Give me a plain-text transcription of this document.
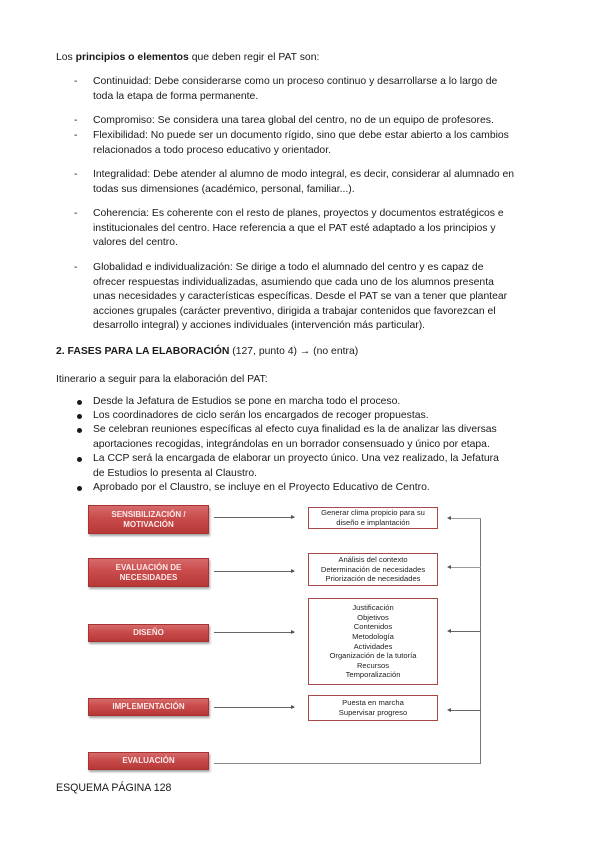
Los principios o elementos que deben regir el PAT son:
- Continuidad: Debe considerarse como un proceso continuo y desarrollarse a lo largo de
toda la etapa de forma permanente.
- Compromiso: Se considera una tarea global del centro, no de un equipo de profesores.
- Flexibilidad: No puede ser un documento rígido, sino que debe estar abierto a los cambios
relacionados a todo proceso educativo y orientador.
- Integralidad: Debe atender al alumno de modo integral, es decir, considerar al alumnado en
todas sus dimensiones (académico, personal, familiar...).
- Coherencia: Es coherente con el resto de planes, proyectos y documentos estratégicos e
institucionales del centro. Hace referencia a que el PAT esté adaptado a los principios y
valores del centro.
- Globalidad e individualización: Se dirige a todo el alumnado del centro y es capaz de
ofrecer respuestas individualizadas, asumiendo que cada uno de los alumnos presenta
unas necesidades y características específicas. Desde el PAT se van a tener que plantear
acciones grupales (carácter preventivo, dirigida a trabajar contenidos que favorezcan el
desarrollo integral) y acciones individuales (intervención más particular).
2. FASES PARA LA ELABORACIÓN (127, punto 4) → (no entra)
Itinerario a seguir para la elaboración del PAT:
Desde la Jefatura de Estudios se pone en marcha todo el proceso.
Los coordinadores de ciclo serán los encargados de recoger propuestas.
Se celebran reuniones específicas al efecto cuya finalidad es la de analizar las diversas
aportaciones recogidas, integrándolas en un borrador consensuado y único por etapa.
La CCP será la encargada de elaborar un proyecto único. Una vez realizado, la Jefatura
de Estudios lo presenta al Claustro.
Aprobado por el Claustro, se incluye en el Proyecto Educativo de Centro.
SENSIBILIZACIÓN /
MOTIVACIÓN
EVALUACIÓN DE
NECESIDADES
DISEÑO
IMPLEMENTACIÓN
EVALUACIÓN
Generar clima propicio para su
diseño e implantación
Análisis del contexto
Determinación de necesidades
Priorización de necesidades
Justificación
Objetivos
Contenidos
Metodología
Actividades
Organización de la tutoría
Recursos
Temporalización
Puesta en marcha
Supervisar progreso
ESQUEMA PÁGINA 128
